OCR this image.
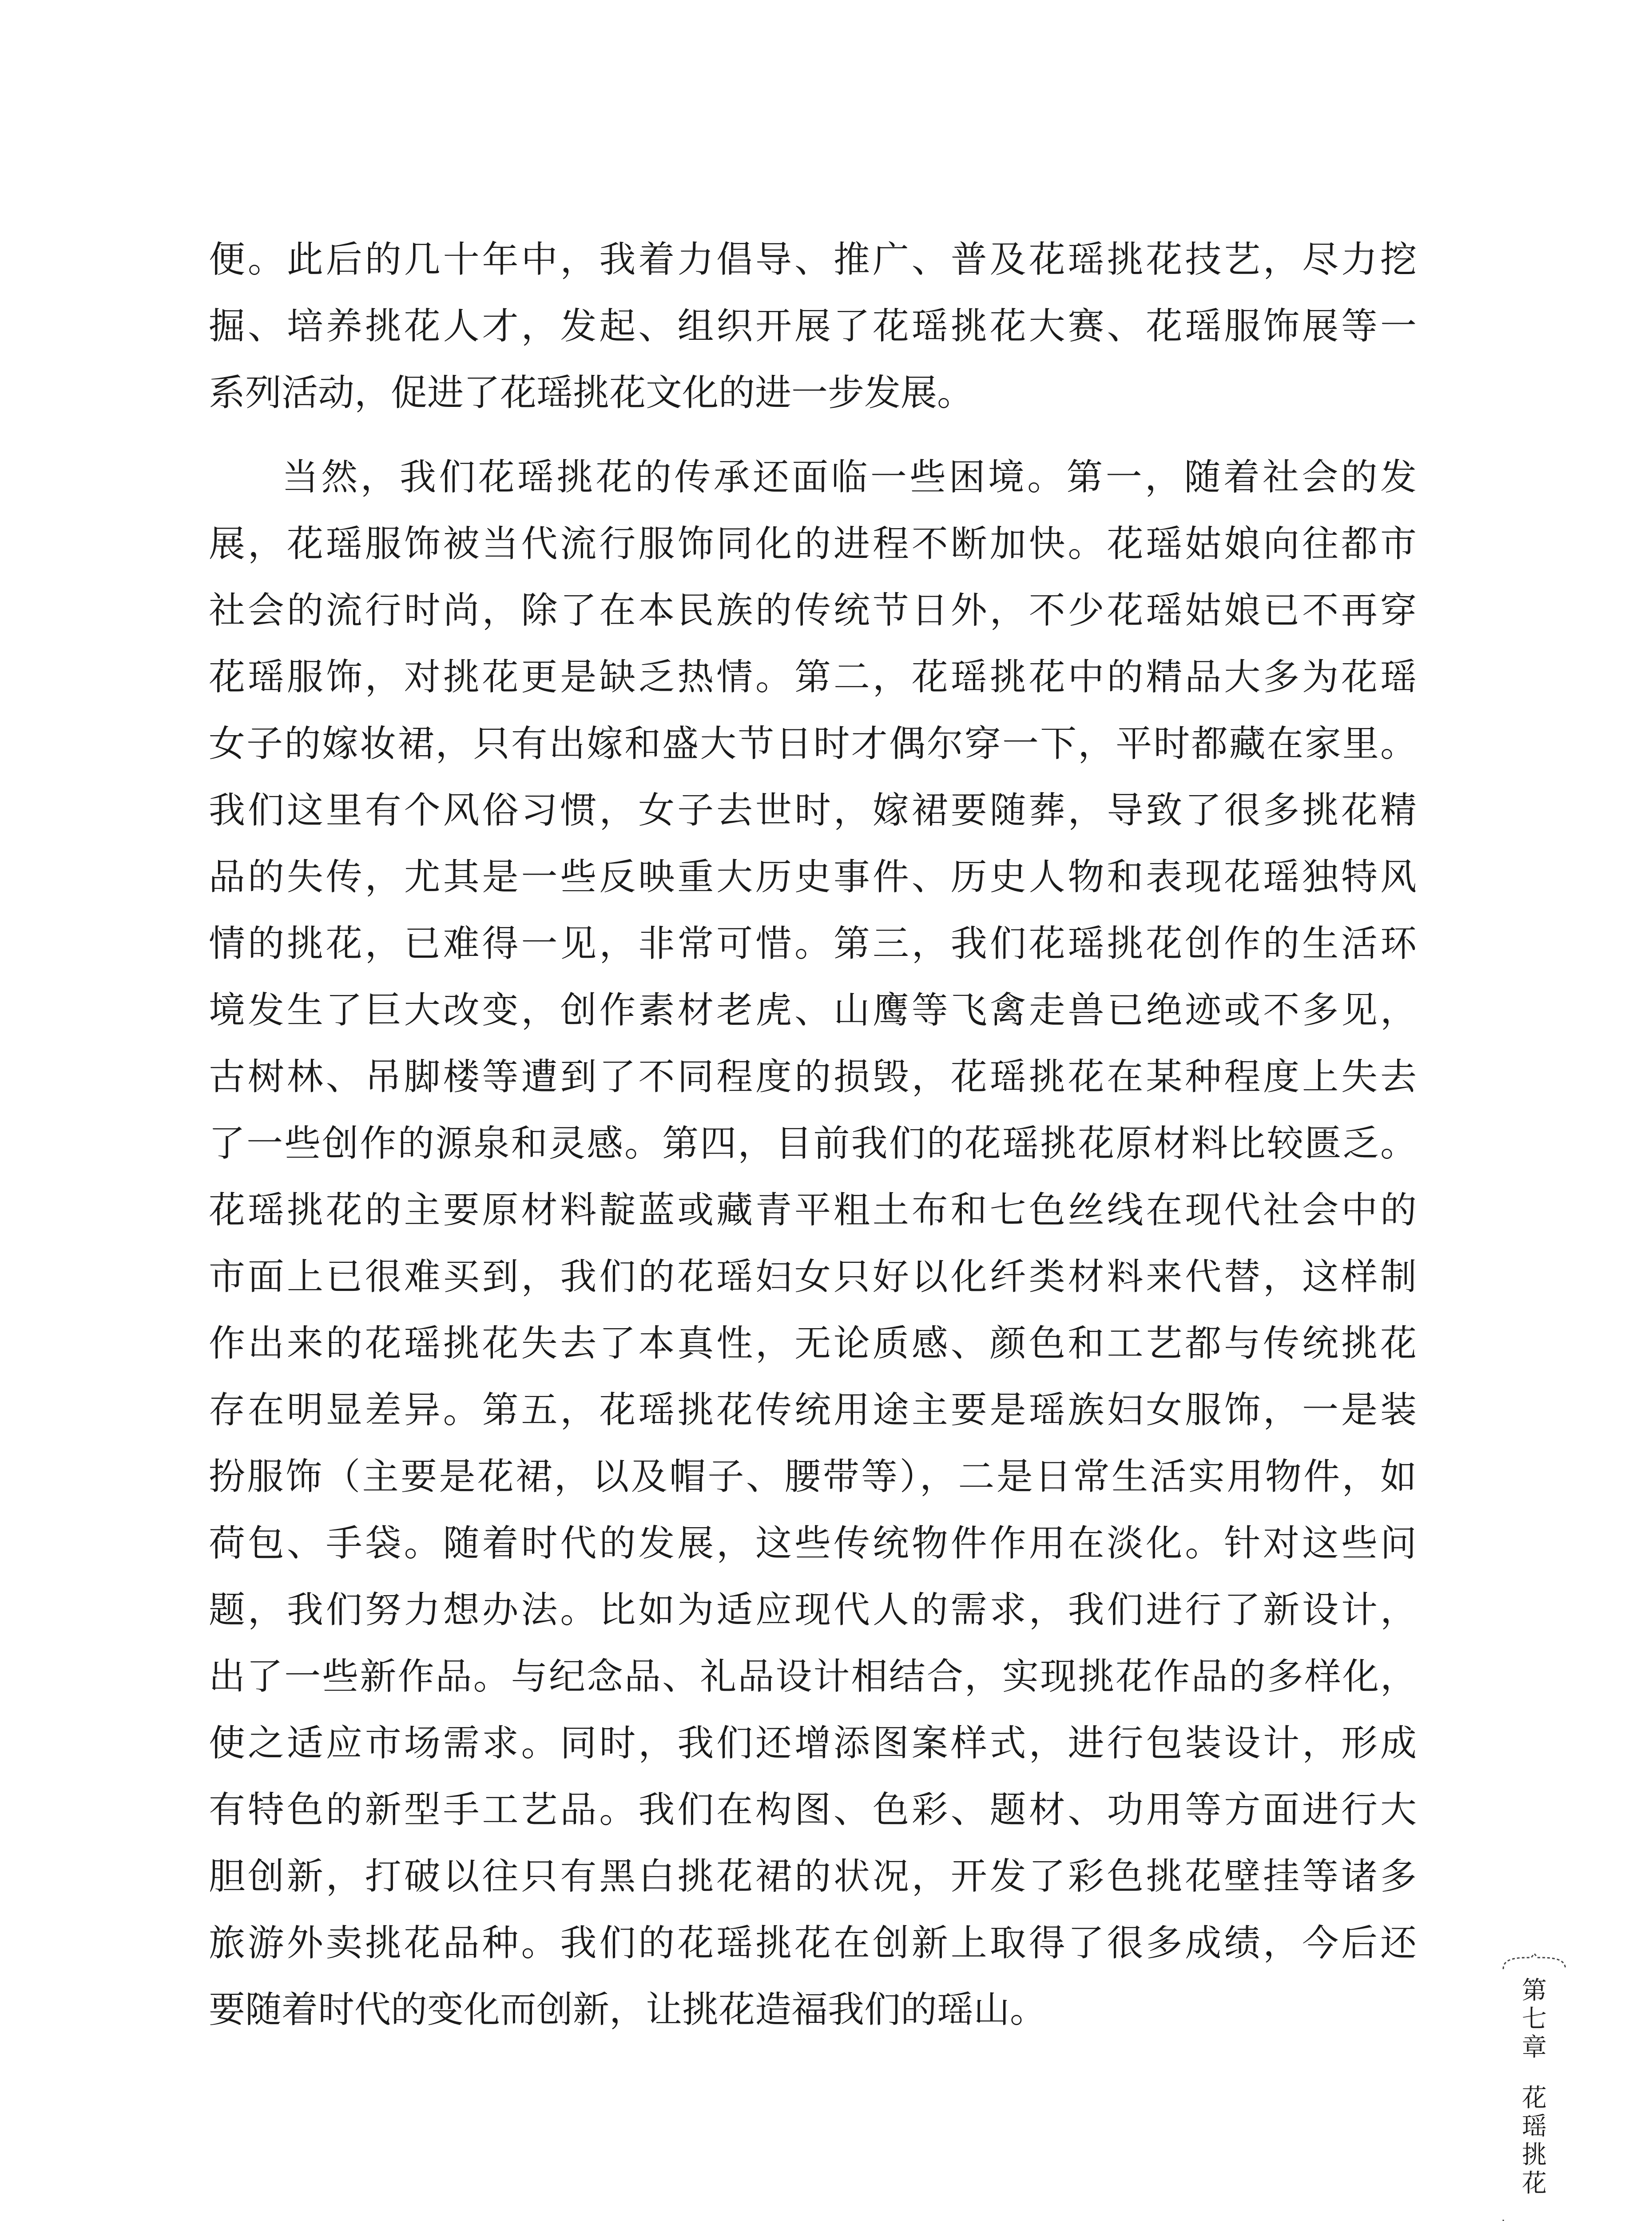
便。此后的几十年中，我着力倡导、推广、普及花瑶挑花技艺，尽力挖
掘、培养挑花人才，发起、组织开展了花瑶挑花大赛、花瑶服饰展等一
系列活动，促进了花瑶挑花文化的进一步发展。
当然，我们花瑶挑花的传承还面临一些困境。第一，随着社会的发
展，花瑶服饰被当代流行服饰同化的进程不断加快。花瑶姑娘向往都市
社会的流行时尚，除了在本民族的传统节日外，不少花瑶姑娘已不再穿
花瑶服饰，对挑花更是缺乏热情。第二，花瑶挑花中的精品大多为花瑶
女子的嫁妆裙，只有出嫁和盛大节日时才偶尔穿一下，平时都藏在家里。
我们这里有个风俗习惯，女子去世时，嫁裙要随葬，导致了很多挑花精
品的失传，尤其是一些反映重大历史事件、历史人物和表现花瑶独特风
情的挑花，已难得一见，非常可惜。第三，我们花瑶挑花创作的生活环
境发生了巨大改变，创作素材老虎、山鹰等飞禽走兽已绝迹或不多见，
古树林、吊脚楼等遭到了不同程度的损毁，花瑶挑花在某种程度上失去
了一些创作的源泉和灵感。第四，目前我们的花瑶挑花原材料比较匮乏。
花瑶挑花的主要原材料靛蓝或藏青平粗土布和七色丝线在现代社会中的
市面上已很难买到，我们的花瑶妇女只好以化纤类材料来代替，这样制
作出来的花瑶挑花失去了本真性，无论质感、颜色和工艺都与传统挑花
存在明显差异。第五，花瑶挑花传统用途主要是瑶族妇女服饰，一是装
扮服饰（主要是花裙，以及帽子、腰带等），二是日常生活实用物件，如
荷包、手袋。随着时代的发展，这些传统物件作用在淡化。针对这些问
题，我们努力想办法。比如为适应现代人的需求，我们进行了新设计，
出了一些新作品。与纪念品、礼品设计相结合，实现挑花作品的多样化，
使之适应市场需求。同时，我们还增添图案样式，进行包装设计，形成
有特色的新型手工艺品。我们在构图、色彩、题材、功用等方面进行大
胆创新，打破以往只有黑白挑花裙的状况，开发了彩色挑花壁挂等诸多
旅游外卖挑花品种。我们的花瑶挑花在创新上取得了很多成绩，今后还
要随着时代的变化而创新，让挑花造福我们的瑶山。	第
七
章
花
瑶
挑
花
